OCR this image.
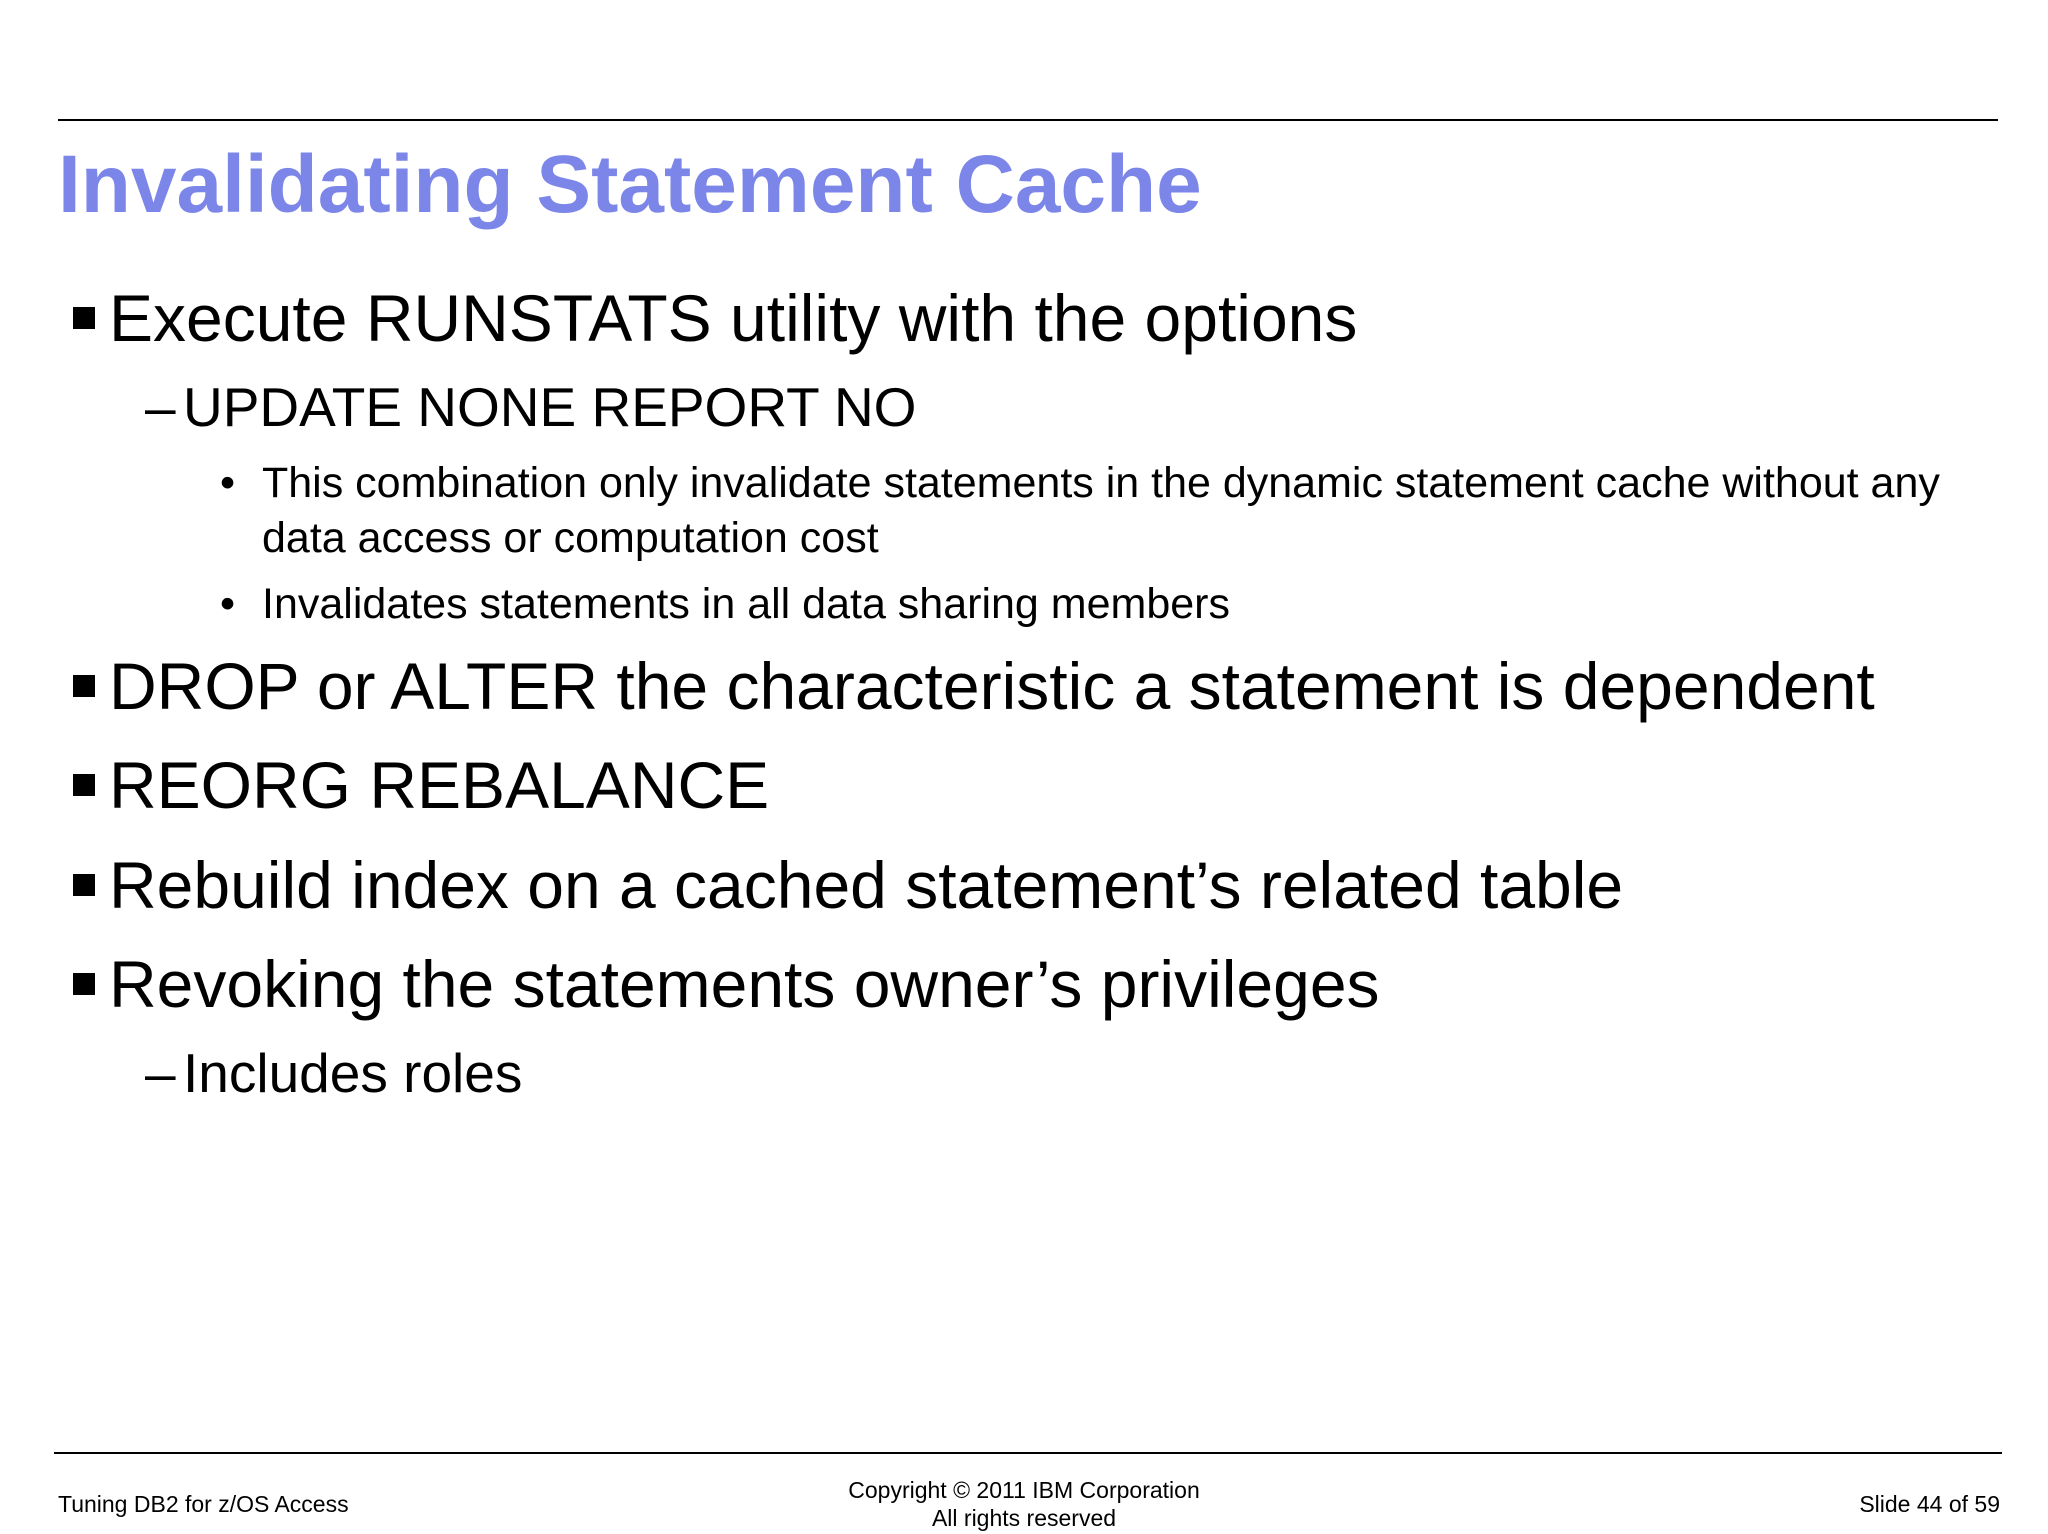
Invalidating Statement Cache
Execute RUNSTATS utility with the options
– UPDATE NONE REPORT NO
• This combination only invalidate statements in the dynamic statement cache without any data access or computation cost
• Invalidates statements in all data sharing members
DROP or ALTER the characteristic a statement is dependent
REORG REBALANCE
Rebuild index on a cached statement’s related table
Revoking the statements owner’s privileges
– Includes roles
Tuning DB2 for z/OS Access
Copyright © 2011 IBM Corporation
All rights reserved
Slide 44 of 59
